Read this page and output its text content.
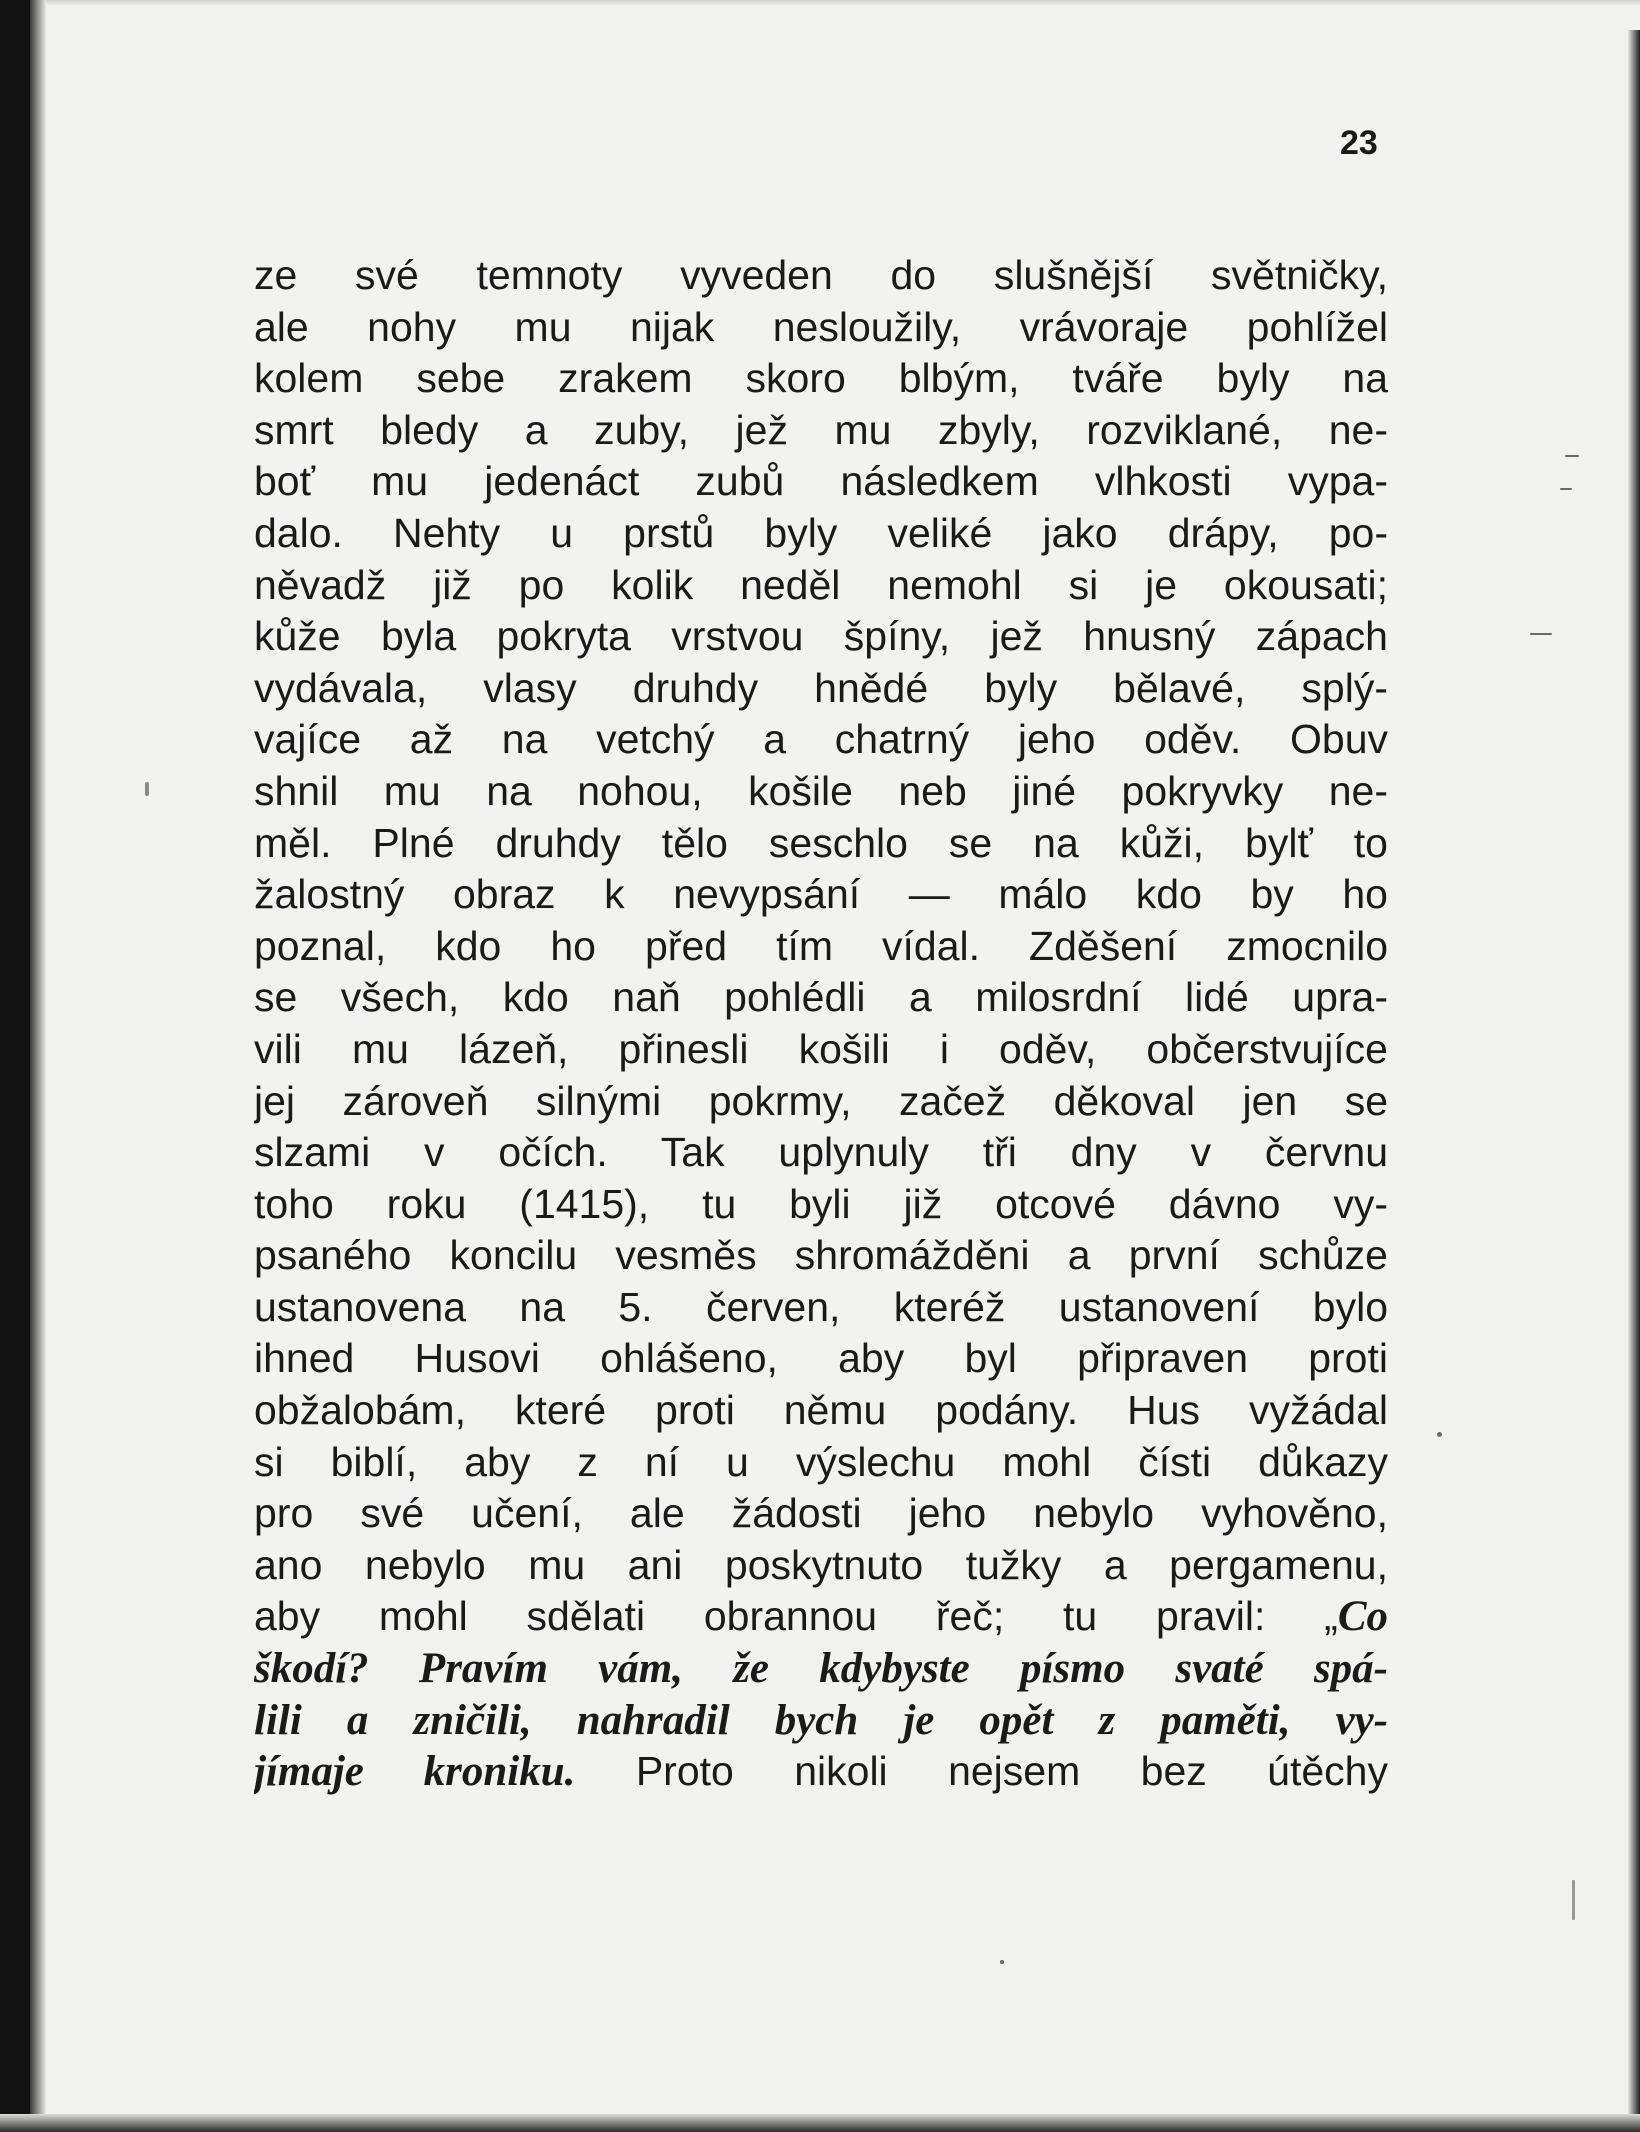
23
ze své temnoty vyveden do slušnější světničky,
ale nohy mu nijak nesloužily, vrávoraje pohlížel
kolem sebe zrakem skoro blbým, tváře byly na
smrt bledy a zuby, jež mu zbyly, rozviklané, ne-
boť mu jedenáct zubů následkem vlhkosti vypa-
dalo. Nehty u prstů byly veliké jako drápy, po-
něvadž již po kolik neděl nemohl si je okousati;
kůže byla pokryta vrstvou špíny, jež hnusný zápach
vydávala, vlasy druhdy hnědé byly bělavé, splý-
vajíce až na vetchý a chatrný jeho oděv. Obuv
shnil mu na nohou, košile neb jiné pokryvky ne-
měl. Plné druhdy tělo seschlo se na kůži, bylť to
žalostný obraz k nevypsání — málo kdo by ho
poznal, kdo ho před tím vídal. Zděšení zmocnilo
se všech, kdo naň pohlédli a milosrdní lidé upra-
vili mu lázeň, přinesli košili i oděv, občerstvujíce
jej zároveň silnými pokrmy, začež děkoval jen se
slzami v očích. Tak uplynuly tři dny v červnu
toho roku (1415), tu byli již otcové dávno vy-
psaného koncilu vesměs shromážděni a první schůze
ustanovena na 5. červen, kteréž ustanovení bylo
ihned Husovi ohlášeno, aby byl připraven proti
obžalobám, které proti němu podány. Hus vyžádal
si biblí, aby z ní u výslechu mohl čísti důkazy
pro své učení, ale žádosti jeho nebylo vyhověno,
ano nebylo mu ani poskytnuto tužky a pergamenu,
aby mohl sdělati obrannou řeč; tu pravil: „Co
škodí? Pravím vám, že kdybyste písmo svaté spá-
lili a zničili, nahradil bych je opět z paměti, vy-
jímaje kroniku. Proto nikoli nejsem bez útěchy
